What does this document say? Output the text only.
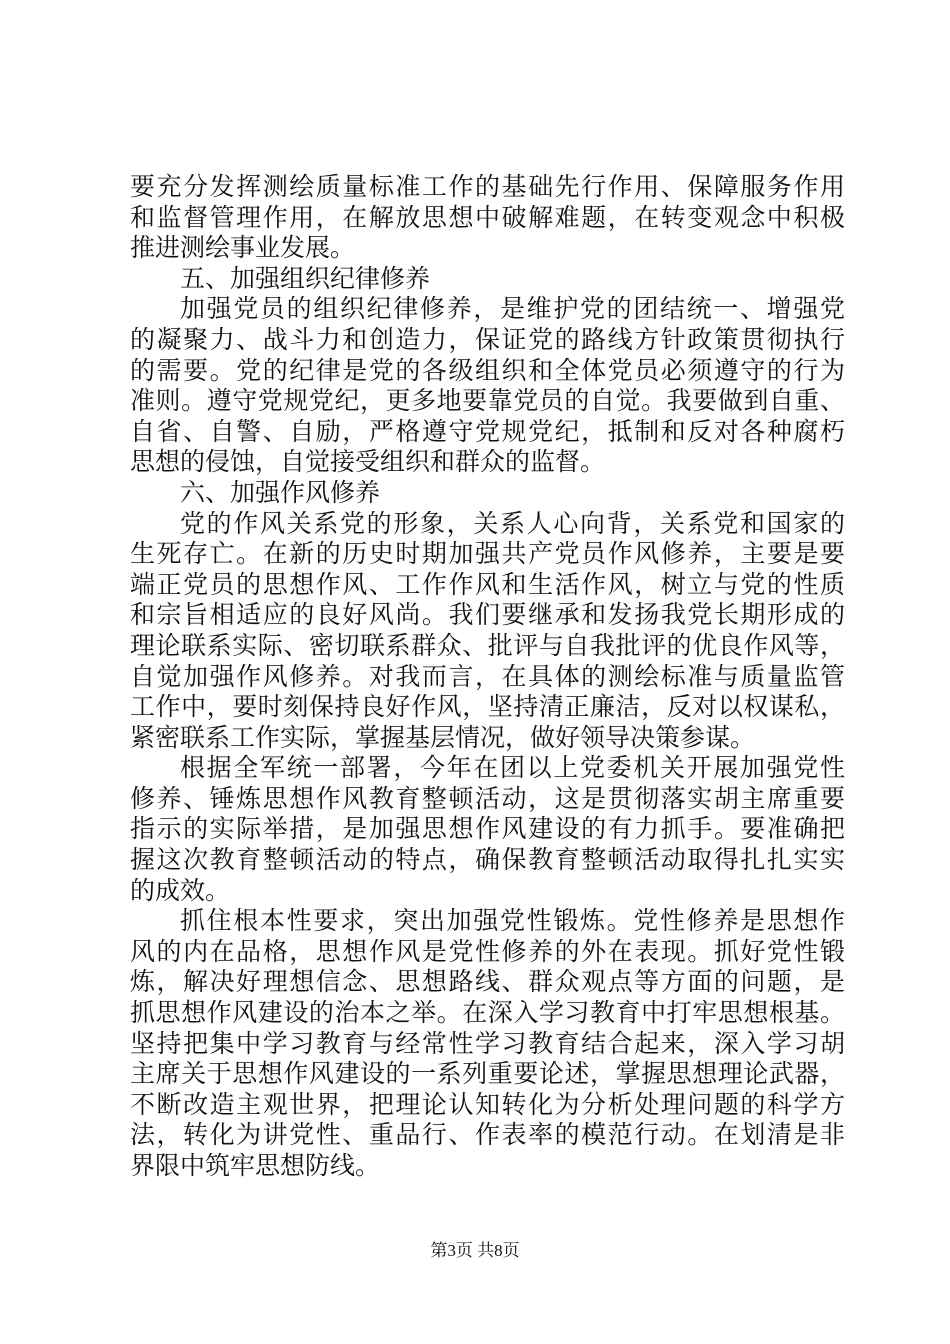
要充分发挥测绘质量标准工作的基础先行作用、保障服务作用
和监督管理作用，在解放思想中破解难题，在转变观念中积极
推进测绘事业发展。
五、加强组织纪律修养
加强党员的组织纪律修养，是维护党的团结统一、增强党
的凝聚力、战斗力和创造力，保证党的路线方针政策贯彻执行
的需要。党的纪律是党的各级组织和全体党员必须遵守的行为
准则。遵守党规党纪，更多地要靠党员的自觉。我要做到自重、
自省、自警、自励，严格遵守党规党纪，抵制和反对各种腐朽
思想的侵蚀，自觉接受组织和群众的监督。
六、加强作风修养
党的作风关系党的形象，关系人心向背，关系党和国家的
生死存亡。在新的历史时期加强共产党员作风修养，主要是要
端正党员的思想作风、工作作风和生活作风，树立与党的性质
和宗旨相适应的良好风尚。我们要继承和发扬我党长期形成的
理论联系实际、密切联系群众、批评与自我批评的优良作风等，
自觉加强作风修养。对我而言，在具体的测绘标准与质量监管
工作中，要时刻保持良好作风，坚持清正廉洁，反对以权谋私，
紧密联系工作实际，掌握基层情况，做好领导决策参谋。
根据全军统一部署，今年在团以上党委机关开展加强党性
修养、锤炼思想作风教育整顿活动，这是贯彻落实胡主席重要
指示的实际举措，是加强思想作风建设的有力抓手。要准确把
握这次教育整顿活动的特点，确保教育整顿活动取得扎扎实实
的成效。
抓住根本性要求，突出加强党性锻炼。党性修养是思想作
风的内在品格，思想作风是党性修养的外在表现。抓好党性锻
炼，解决好理想信念、思想路线、群众观点等方面的问题，是
抓思想作风建设的治本之举。在深入学习教育中打牢思想根基。
坚持把集中学习教育与经常性学习教育结合起来，深入学习胡
主席关于思想作风建设的一系列重要论述，掌握思想理论武器，
不断改造主观世界，把理论认知转化为分析处理问题的科学方
法，转化为讲党性、重品行、作表率的模范行动。在划清是非
界限中筑牢思想防线。
第3页 共8页
